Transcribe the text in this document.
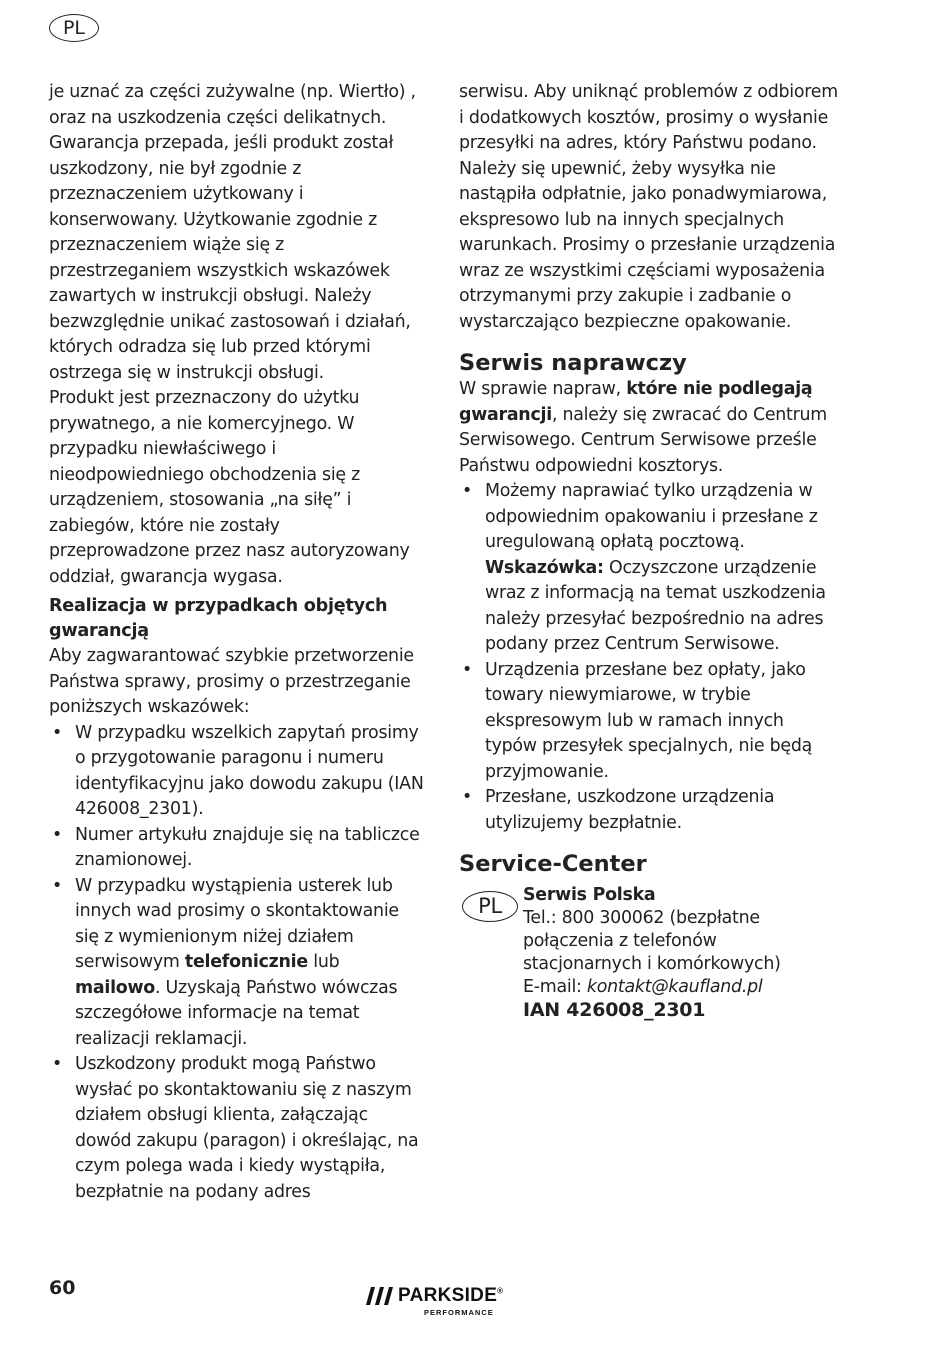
PL

je uznać za części zużywalne (np. Wiertło) , oraz na uszkodzenia części delikatnych.

Gwarancja przepada, jeśli produkt został uszkodzony, nie był zgodnie z przeznaczeniem użytkowany i konserwowany. Użytkowanie zgodnie z przeznaczeniem wiąże się z przestrzeganiem wszystkich wskazówek zawartych w instrukcji obsługi. Należy bezwzględnie unikać zastosowań i działań, których odradza się lub przed którymi ostrzega się w instrukcji obsługi.

Produkt jest przeznaczony do użytku prywatnego, a nie komercyjnego. W przypadku niewłaściwego i nieodpowiedniego obchodzenia się z urządzeniem, stosowania „na siłę” i zabiegów, które nie zostały przeprowadzone przez nasz autoryzowany oddział, gwarancja wygasa.

Realizacja w przypadkach objętych gwarancją

Aby zagwarantować szybkie przetworzenie Państwa sprawy, prosimy o przestrzeganie poniższych wskazówek:

• W przypadku wszelkich zapytań prosimy o przygotowanie paragonu i numeru identyfikacyjnu jako dowodu zakupu (IAN 426008_2301).
• Numer artykułu znajduje się na tabliczce znamionowej.
• W przypadku wystąpienia usterek lub innych wad prosimy o skontaktowanie się z wymienionym niżej działem serwisowym telefonicznie lub mailowo. Uzyskają Państwo wówczas szczegółowe informacje na temat realizacji reklamacji.
• Uszkodzony produkt mogą Państwo wysłać po skontaktowaniu się z naszym działem obsługi klienta, załączając dowód zakupu (paragon) i określając, na czym polega wada i kiedy wystąpiła, bezpłatnie na podany adres

serwisu. Aby uniknąć problemów z odbiorem i dodatkowych kosztów, prosimy o wysłanie przesyłki na adres, który Państwu podano. Należy się upewnić, żeby wysyłka nie nastąpiła odpłatnie, jako ponadwymiarowa, ekspresowo lub na innych specjalnych warunkach. Prosimy o przesłanie urządzenia wraz ze wszystkimi częściami wyposażenia otrzymanymi przy zakupie i zadbanie o wystarczająco bezpieczne opakowanie.

Serwis naprawczy

W sprawie napraw, które nie podlegają gwarancji, należy się zwracać do Centrum Serwisowego. Centrum Serwisowe prześle Państwu odpowiedni kosztorys.

• Możemy naprawiać tylko urządzenia w odpowiednim opakowaniu i przesłane z uregulowaną opłatą pocztową.
Wskazówka: Oczyszczone urządzenie wraz z informacją na temat uszkodzenia należy przesyłać bezpośrednio na adres podany przez Centrum Serwisowe.
• Urządzenia przesłane bez opłaty, jako towary niewymiarowe, w trybie ekspresowym lub w ramach innych typów przesyłek specjalnych, nie będą przyjmowanie.
• Przesłane, uszkodzone urządzenia utylizujemy bezpłatnie.
Service-Center
PL	Serwis Polska
Tel.: 800 300062 (bezpłatne połączenia z telefonów stacjonarnych i komórkowych)
E-mail: kontakt@kaufland.pl
IAN 426008_2301
60	PARKSIDE®
PERFORMANCE
